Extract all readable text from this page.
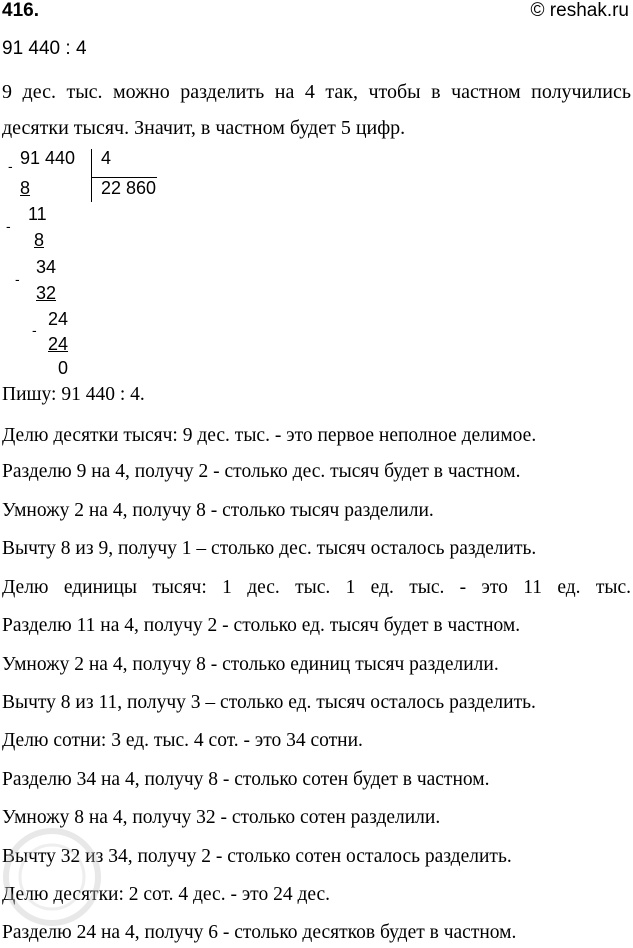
416.	© reshak.ru
91 440 : 4
9 дес. тыс. можно разделить на 4 так, чтобы в частном получились десятки тысяч. Значит, в частном будет 5 цифр.
- 91 440 4
22 860
8
-
11
8
-
34
32
-
24
24
0
Пишу: 91 440 : 4.
Делю десятки тысяч: 9 дес. тыс. - это первое неполное делимое.
Разделю 9 на 4, получу 2 - столько дес. тысяч будет в частном.
Умножу 2 на 4, получу 8 - столько тысяч разделили.
Вычту 8 из 9, получу 1 – столько дес. тысяч осталось разделить.
Делю единицы тысяч: 1 дес. тыс. 1 ед. тыс. - это 11 ед. тыс.
Разделю 11 на 4, получу 2 - столько ед. тысяч будет в частном.
Умножу 2 на 4, получу 8 - столько единиц тысяч разделили.
Вычту 8 из 11, получу 3 – столько ед. тысяч осталось разделить.
Делю сотни: 3 ед. тыс. 4 сот. - это 34 сотни.
Разделю 34 на 4, получу 8 - столько сотен будет в частном.
Умножу 8 на 4, получу 32 - столько сотен разделили.
Вычту 32 из 34, получу 2 - столько сотен осталось разделить.
Делю десятки: 2 сот. 4 дес. - это 24 дес.
Разделю 24 на 4, получу 6 - столько десятков будет в частном.
